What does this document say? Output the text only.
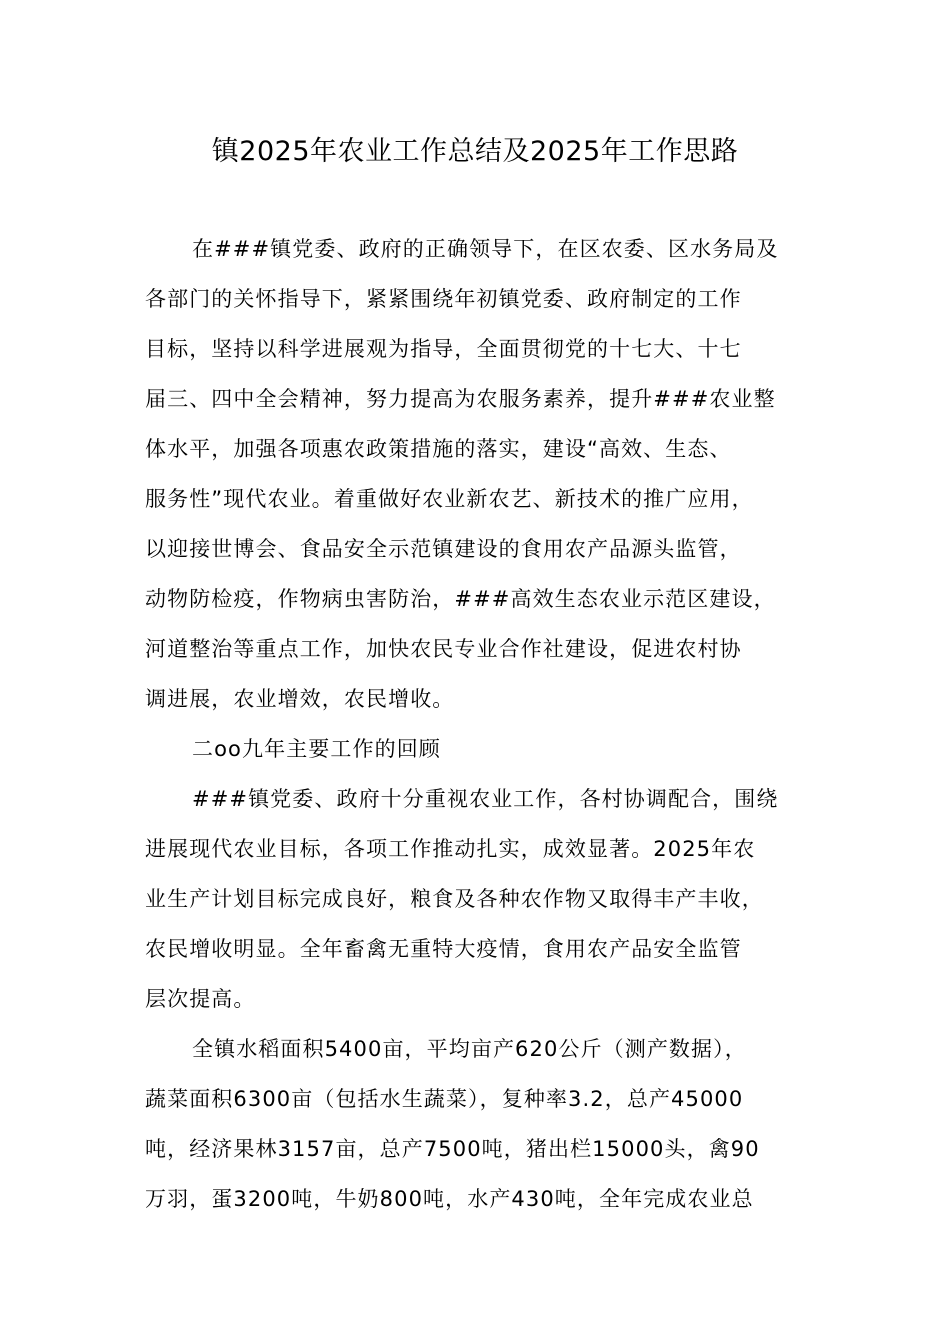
镇2025年农业工作总结及2025年工作思路
在###镇党委、政府的正确领导下，在区农委、区水务局及
各部门的关怀指导下，紧紧围绕年初镇党委、政府制定的工作
目标，坚持以科学进展观为指导，全面贯彻党的十七大、十七
届三、四中全会精神，努力提高为农服务素养，提升###农业整
体水平，加强各项惠农政策措施的落实，建设“高效、生态、
服务性”现代农业。着重做好农业新农艺、新技术的推广应用，
以迎接世博会、食品安全示范镇建设的食用农产品源头监管，
动物防检疫，作物病虫害防治，###高效生态农业示范区建设，
河道整治等重点工作，加快农民专业合作社建设，促进农村协
调进展，农业增效，农民增收。
二oo九年主要工作的回顾
###镇党委、政府十分重视农业工作，各村协调配合，围绕
进展现代农业目标，各项工作推动扎实，成效显著。2025年农
业生产计划目标完成良好，粮食及各种农作物又取得丰产丰收，
农民增收明显。全年畜禽无重特大疫情，食用农产品安全监管
层次提高。
全镇水稻面积5400亩，平均亩产620公斤（测产数据），
蔬菜面积6300亩（包括水生蔬菜），复种率3.2，总产45000
吨，经济果林3157亩，总产7500吨，猪出栏15000头，禽90
万羽，蛋3200吨，牛奶800吨，水产430吨，全年完成农业总
